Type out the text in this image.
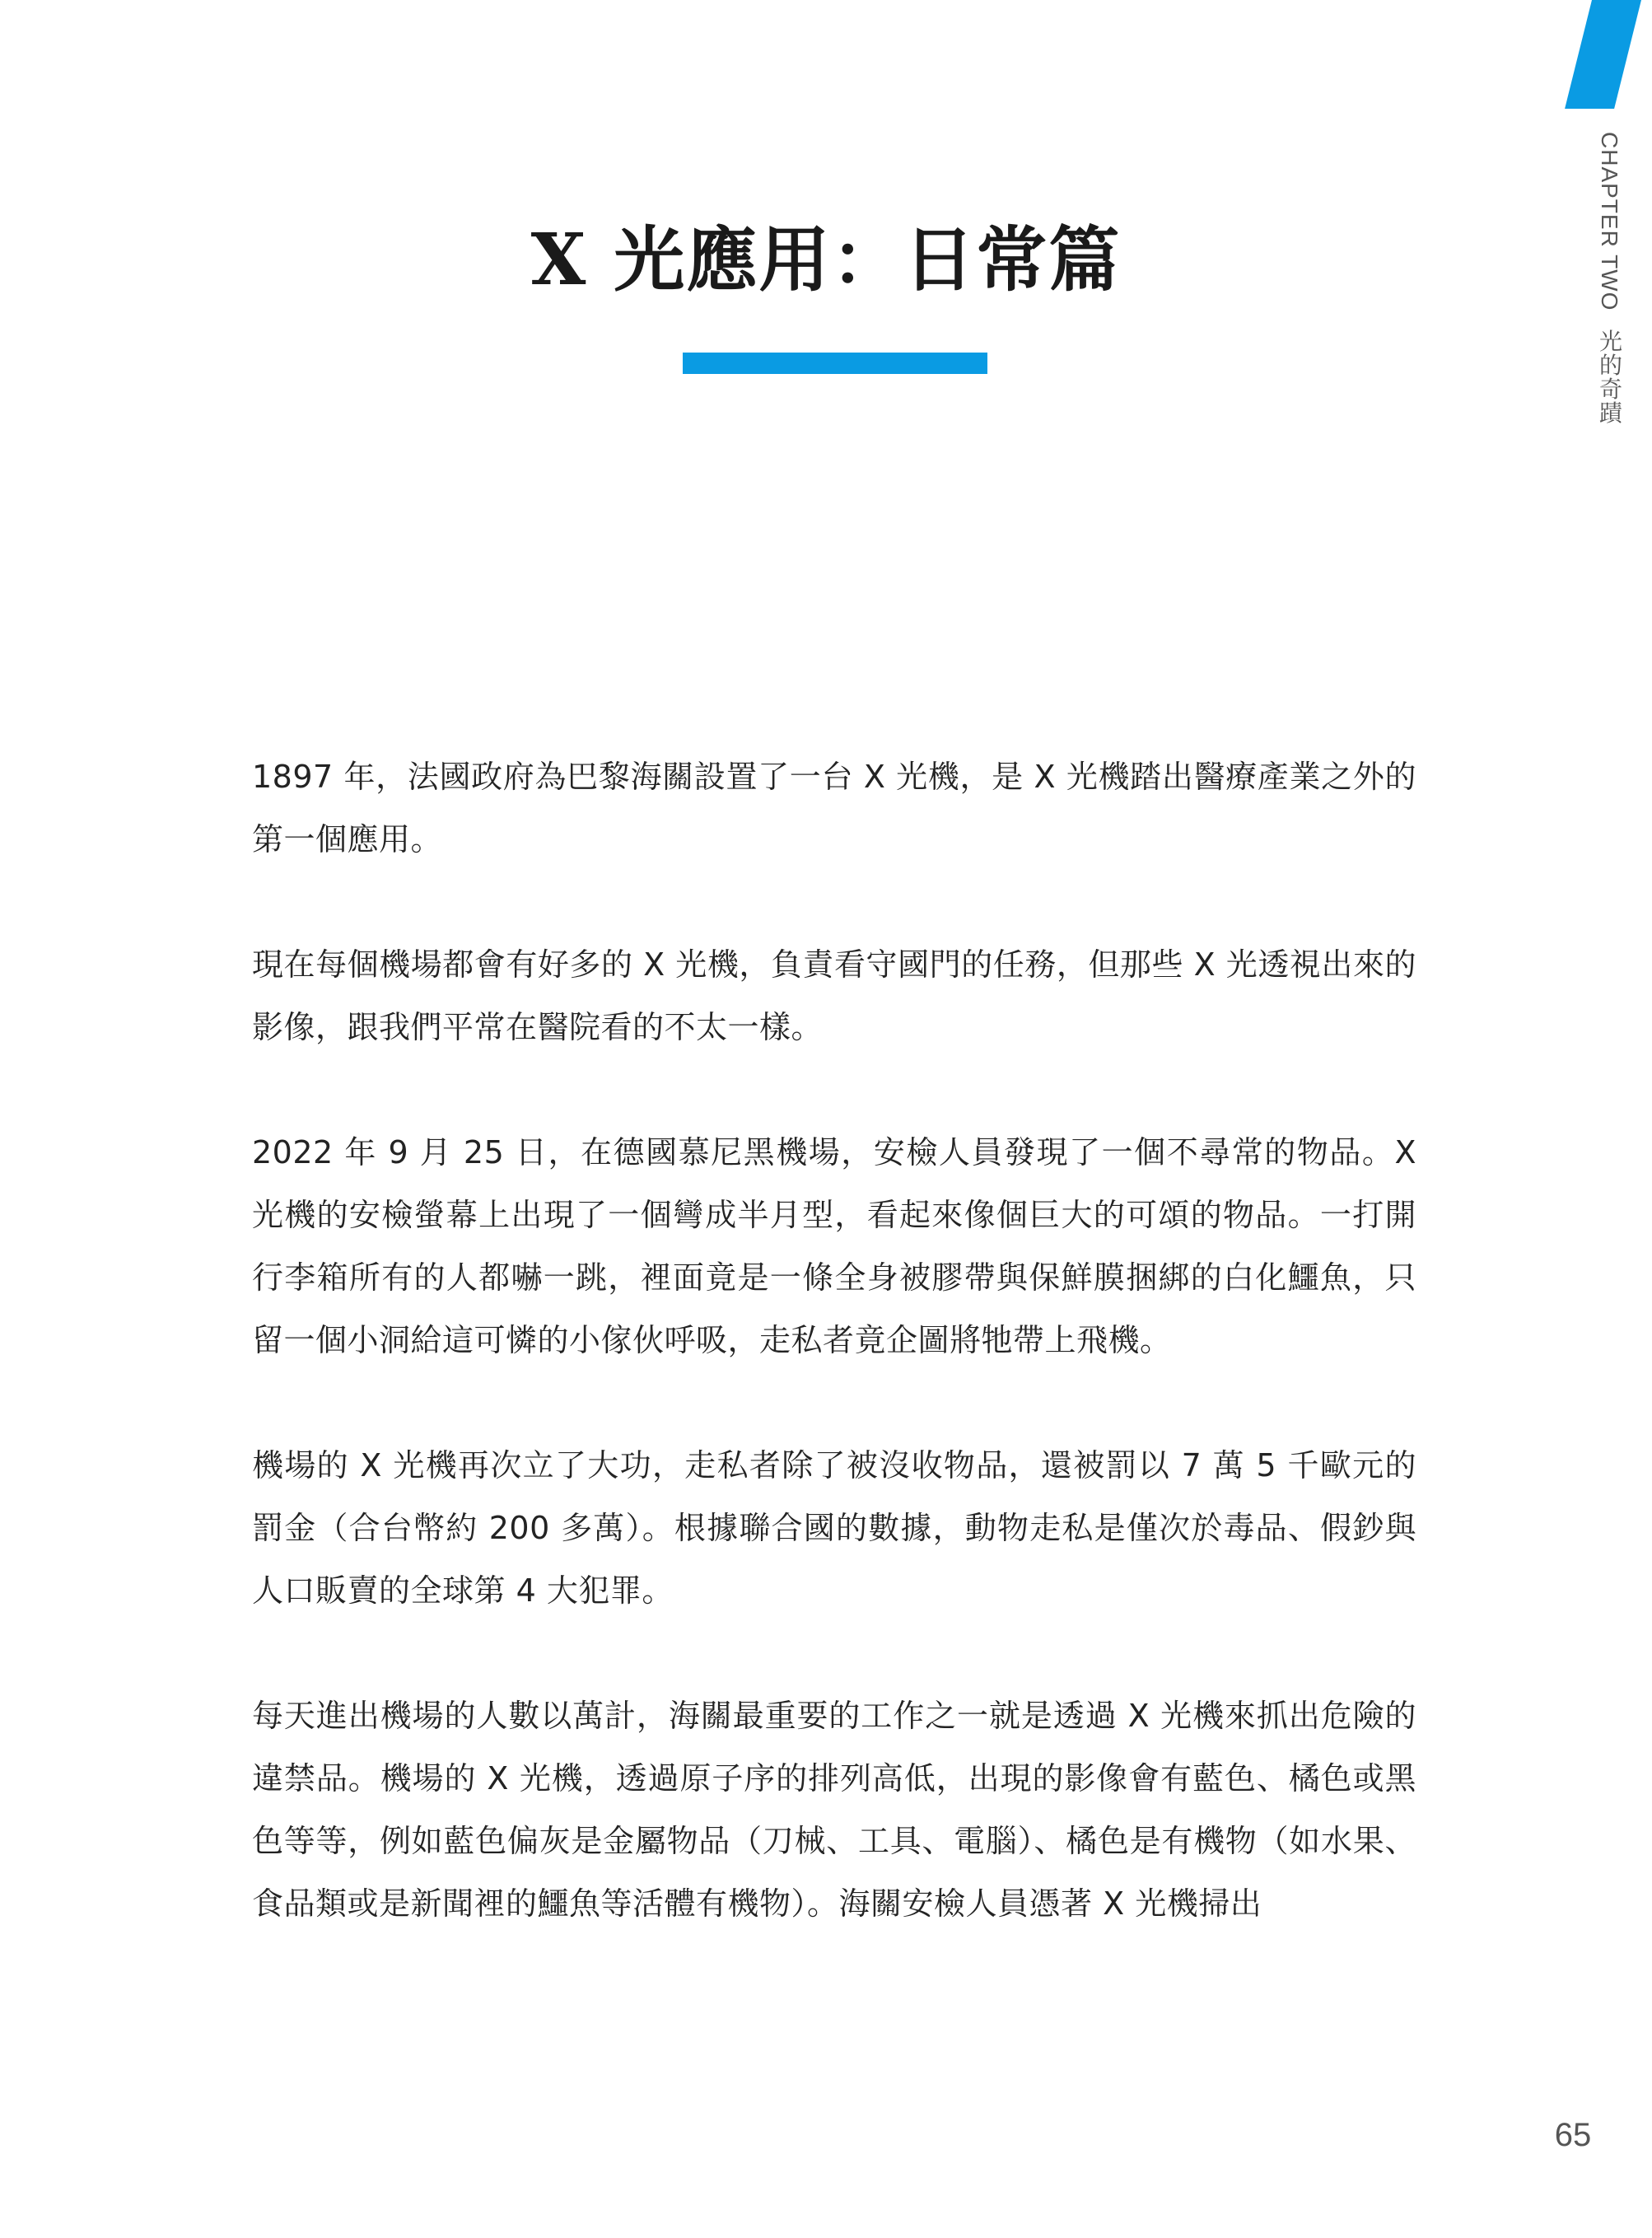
CHAPTER TWO光的奇蹟
X 光應用：日常篇

1897 年，法國政府為巴黎海關設置了一台 X 光機，是 X 光機踏出醫療產業之外的第一個應用。

現在每個機場都會有好多的 X 光機，負責看守國門的任務，但那些 X 光透視出來的影像，跟我們平常在醫院看的不太一樣。

2022 年 9 月 25 日，在德國慕尼黑機場，安檢人員發現了一個不尋常的物品。X 光機的安檢螢幕上出現了一個彎成半月型，看起來像個巨大的可頌的物品。一打開行李箱所有的人都嚇一跳，裡面竟是一條全身被膠帶與保鮮膜捆綁的白化鱷魚，只留一個小洞給這可憐的小傢伙呼吸，走私者竟企圖將牠帶上飛機。

機場的 X 光機再次立了大功，走私者除了被沒收物品，還被罰以 7 萬 5 千歐元的罰金（合台幣約 200 多萬）。根據聯合國的數據，動物走私是僅次於毒品、假鈔與人口販賣的全球第 4 大犯罪。

每天進出機場的人數以萬計，海關最重要的工作之一就是透過 X 光機來抓出危險的違禁品。機場的 X 光機，透過原子序的排列高低，出現的影像會有藍色、橘色或黑色等等，例如藍色偏灰是金屬物品（刀械、工具、電腦）、橘色是有機物（如水果、食品類或是新聞裡的鱷魚等活體有機物）。海關安檢人員憑著 X 光機掃出

65
